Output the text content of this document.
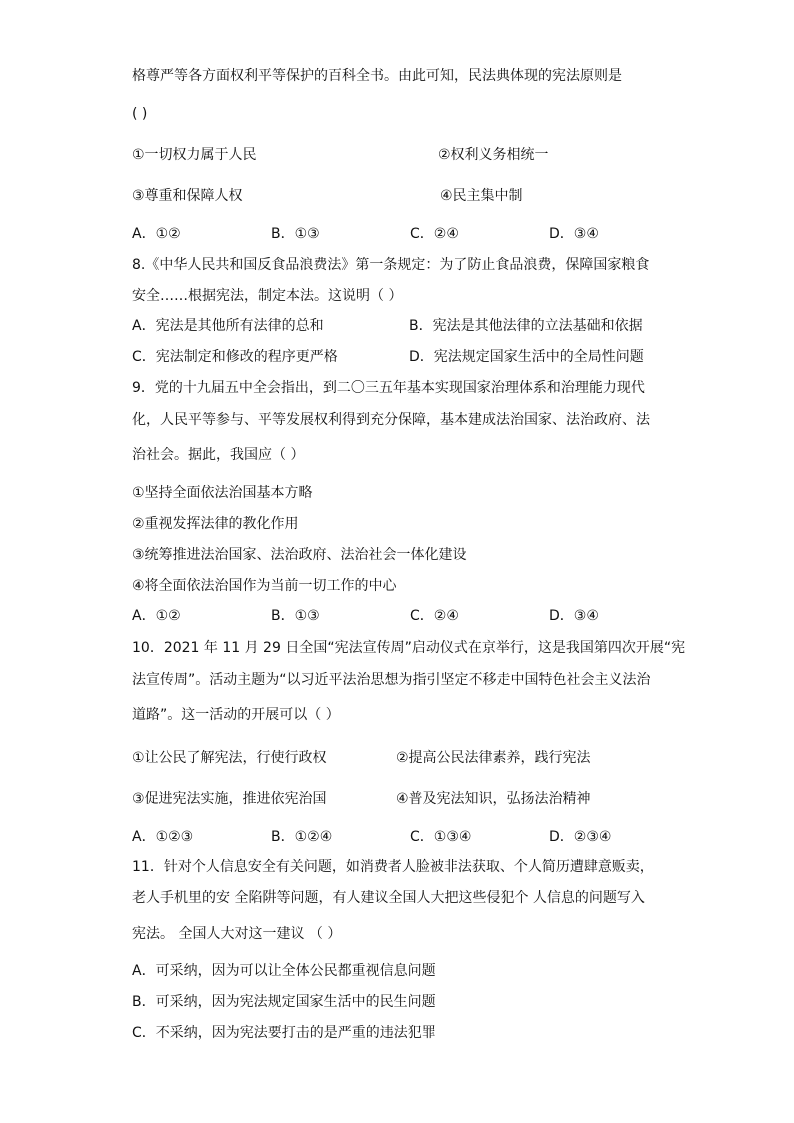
格尊严等各方面权利平等保护的百科全书。由此可知，民法典体现的宪法原则是
( )
①一切权力属于人民	②权利义务相统一
③尊重和保障人权	④民主集中制
A．①②	B．①③	C．②④	D．③④
8.《中华人民共和国反食品浪费法》第一条规定：为了防止食品浪费，保障国家粮食
安全……根据宪法，制定本法。这说明（ ）
A．宪法是其他所有法律的总和	B．宪法是其他法律的立法基础和依据
C．宪法制定和修改的程序更严格	D．宪法规定国家生活中的全局性问题
9．党的十九届五中全会指出，到二〇三五年基本实现国家治理体系和治理能力现代
化，人民平等参与、平等发展权利得到充分保障，基本建成法治国家、法治政府、法
治社会。据此，我国应（ ）
①坚持全面依法治国基本方略
②重视发挥法律的教化作用
③统筹推进法治国家、法治政府、法治社会一体化建设
④将全面依法治国作为当前一切工作的中心
A．①②	B．①③	C．②④	D．③④
10．2021 年 11 月 29 日全国“宪法宣传周”启动仪式在京举行，这是我国第四次开展“宪
法宣传周”。活动主题为“以习近平法治思想为指引坚定不移走中国特色社会主义法治
道路”。这一活动的开展可以（ ）
①让公民了解宪法，行使行政权	②提高公民法律素养，践行宪法
③促进宪法实施，推进依宪治国	④普及宪法知识，弘扬法治精神
A．①②③	B．①②④	C．①③④	D．②③④
11．针对个人信息安全有关问题，如消费者人脸被非法获取、个人简历遭肆意贩卖，
老人手机里的安 全陷阱等问题，有人建议全国人大把这些侵犯个 人信息的问题写入
宪法。 全国人大对这一建议 （ ）
A．可采纳，因为可以让全体公民都重视信息问题
B．可采纳，因为宪法规定国家生活中的民生问题
C．不采纳，因为宪法要打击的是严重的违法犯罪
